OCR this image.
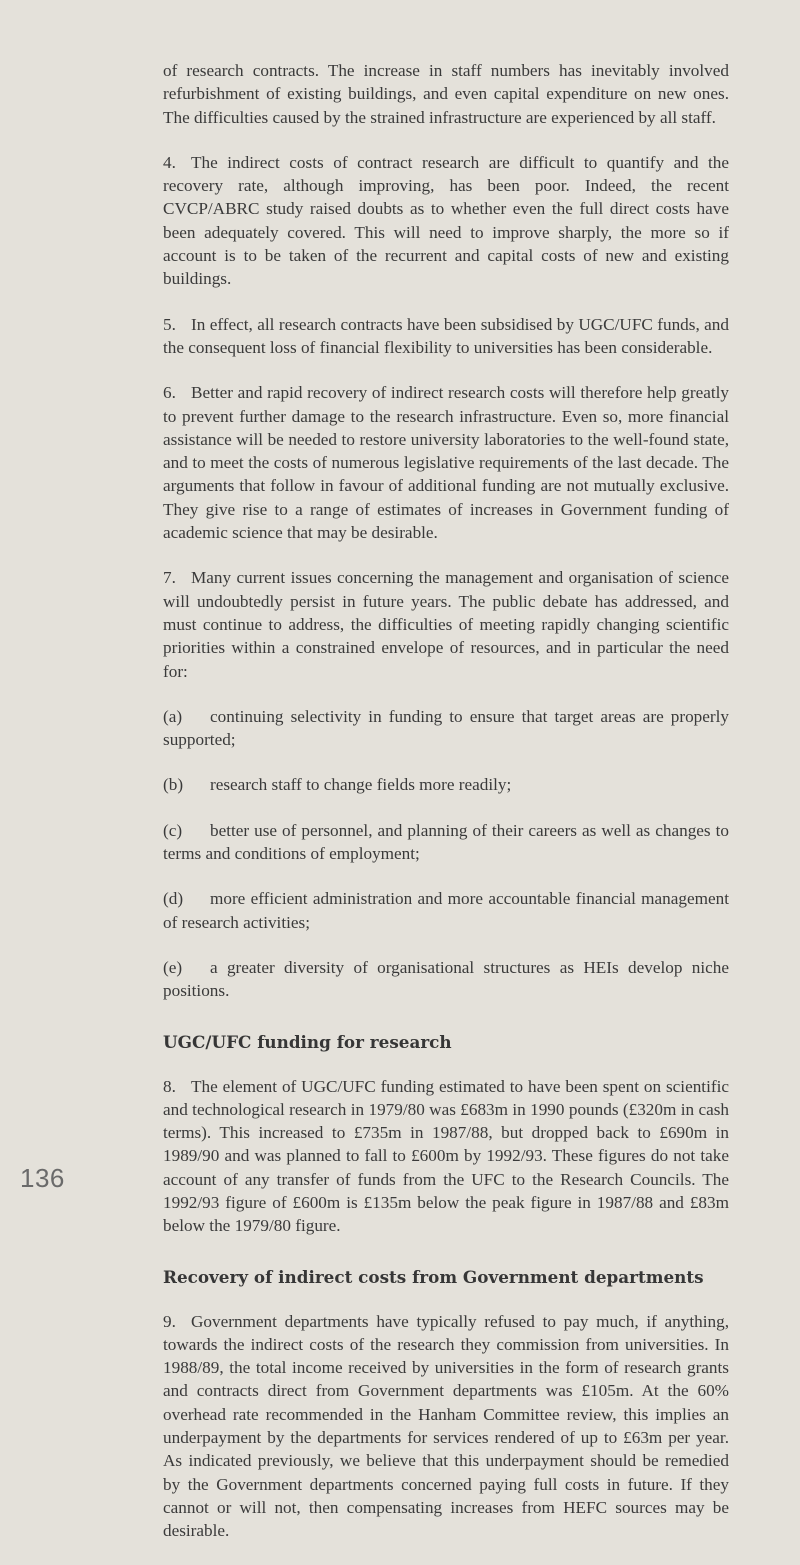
of research contracts. The increase in staff numbers has inevitably involved refurbishment of existing buildings, and even capital expenditure on new ones. The difficulties caused by the strained infrastructure are experienced by all staff.

4. The indirect costs of contract research are difficult to quantify and the recovery rate, although improving, has been poor. Indeed, the recent CVCP/ABRC study raised doubts as to whether even the full direct costs have been adequately covered. This will need to improve sharply, the more so if account is to be taken of the recurrent and capital costs of new and existing buildings.

5. In effect, all research contracts have been subsidised by UGC/UFC funds, and the consequent loss of financial flexibility to universities has been considerable.

6. Better and rapid recovery of indirect research costs will therefore help greatly to prevent further damage to the research infrastructure. Even so, more financial assistance will be needed to restore university laboratories to the well-found state, and to meet the costs of numerous legislative requirements of the last decade. The arguments that follow in favour of additional funding are not mutually exclusive. They give rise to a range of estimates of increases in Government funding of academic science that may be desirable.

7. Many current issues concerning the management and organisation of science will undoubtedly persist in future years. The public debate has addressed, and must continue to address, the difficulties of meeting rapidly changing scientific priorities within a constrained envelope of resources, and in particular the need for:

(a) continuing selectivity in funding to ensure that target areas are properly supported;

(b) research staff to change fields more readily;

(c) better use of personnel, and planning of their careers as well as changes to terms and conditions of employment;

(d) more efficient administration and more accountable financial management of research activities;

(e) a greater diversity of organisational structures as HEIs develop niche positions.

UGC/UFC funding for research

8. The element of UGC/UFC funding estimated to have been spent on scientific and technological research in 1979/80 was £683m in 1990 pounds (£320m in cash terms). This increased to £735m in 1987/88, but dropped back to £690m in 1989/90 and was planned to fall to £600m by 1992/93. These figures do not take account of any transfer of funds from the UFC to the Research Councils. The 1992/93 figure of £600m is £135m below the peak figure in 1987/88 and £83m below the 1979/80 figure.

Recovery of indirect costs from Government departments

9. Government departments have typically refused to pay much, if anything, towards the indirect costs of the research they commission from universities. In 1988/89, the total income received by universities in the form of research grants and contracts direct from Government departments was £105m. At the 60% overhead rate recommended in the Hanham Committee review, this implies an underpayment by the departments for services rendered of up to £63m per year. As indicated previously, we believe that this underpayment should be remedied by the Government departments concerned paying full costs in future. If they cannot or will not, then compensating increases from HEFC sources may be desirable.

136
